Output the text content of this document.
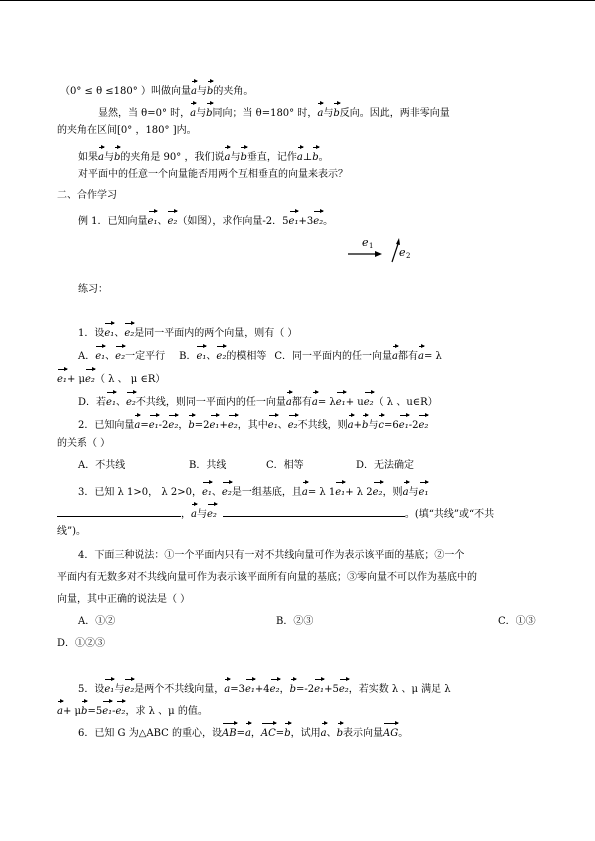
（0° ≤ θ ≤180° ）叫做向量a与b的夹角。
显然，当 θ=0° 时，a与b同向；当 θ=180° 时，a与b反向。因此，两非零向量
的夹角在区间[0° ，180° ]内。
如果a与b的夹角是 90° ，我们说a与b垂直，记作a⊥b。
对平面中的任意一个向量能否用两个互相垂直的向量来表示？
二、合作学习
例 1．已知向量e₁、e₂（如图），求作向量-2．5e₁+3e₂。
e 1 e 2
练习：
1．设e₁、e₂是同一平面内的两个向量，则有（ ）
A．e₁、e₂一定平行 B．e₁、e₂的模相等 C．同一平面内的任一向量a都有a= λ
e₁+ μe₂（ λ 、 μ ∈R）
D．若e₁、e₂不共线，则同一平面内的任一向量a都有a= λe₁+ ue₂（ λ 、u∈R）
2．已知向量a=e₁-2e₂，b=2e₁+e₂，其中e₁、e₂不共线，则a+b与c=6e₁-2e₂
的关系（ ）
A．不共线	B．共线	C．相等	D．无法确定
3．已知 λ 1>0， λ 2>0，e₁、e₂是一组基底，且a= λ 1e₁+ λ 2e₂，则a与e₁
，a与e₂	。(填“共线”或“不共
线”)。
4．下面三种说法：①一个平面内只有一对不共线向量可作为表示该平面的基底；②一个
平面内有无数多对不共线向量可作为表示该平面所有向量的基底；③零向量不可以作为基底中的
向量，其中正确的说法是（ ）
A．①②	B．②③	C．①③
D．①②③
5．设e₁与e₂是两个不共线向量，a=3e₁+4e₂，b=-2e₁+5e₂，若实数 λ 、μ 满足 λ
a+ μb=5e₁-e₂，求 λ 、μ 的值。
6．已知 G 为△ABC 的重心，设AB=a，AC=b，试用a、b表示向量AG。
